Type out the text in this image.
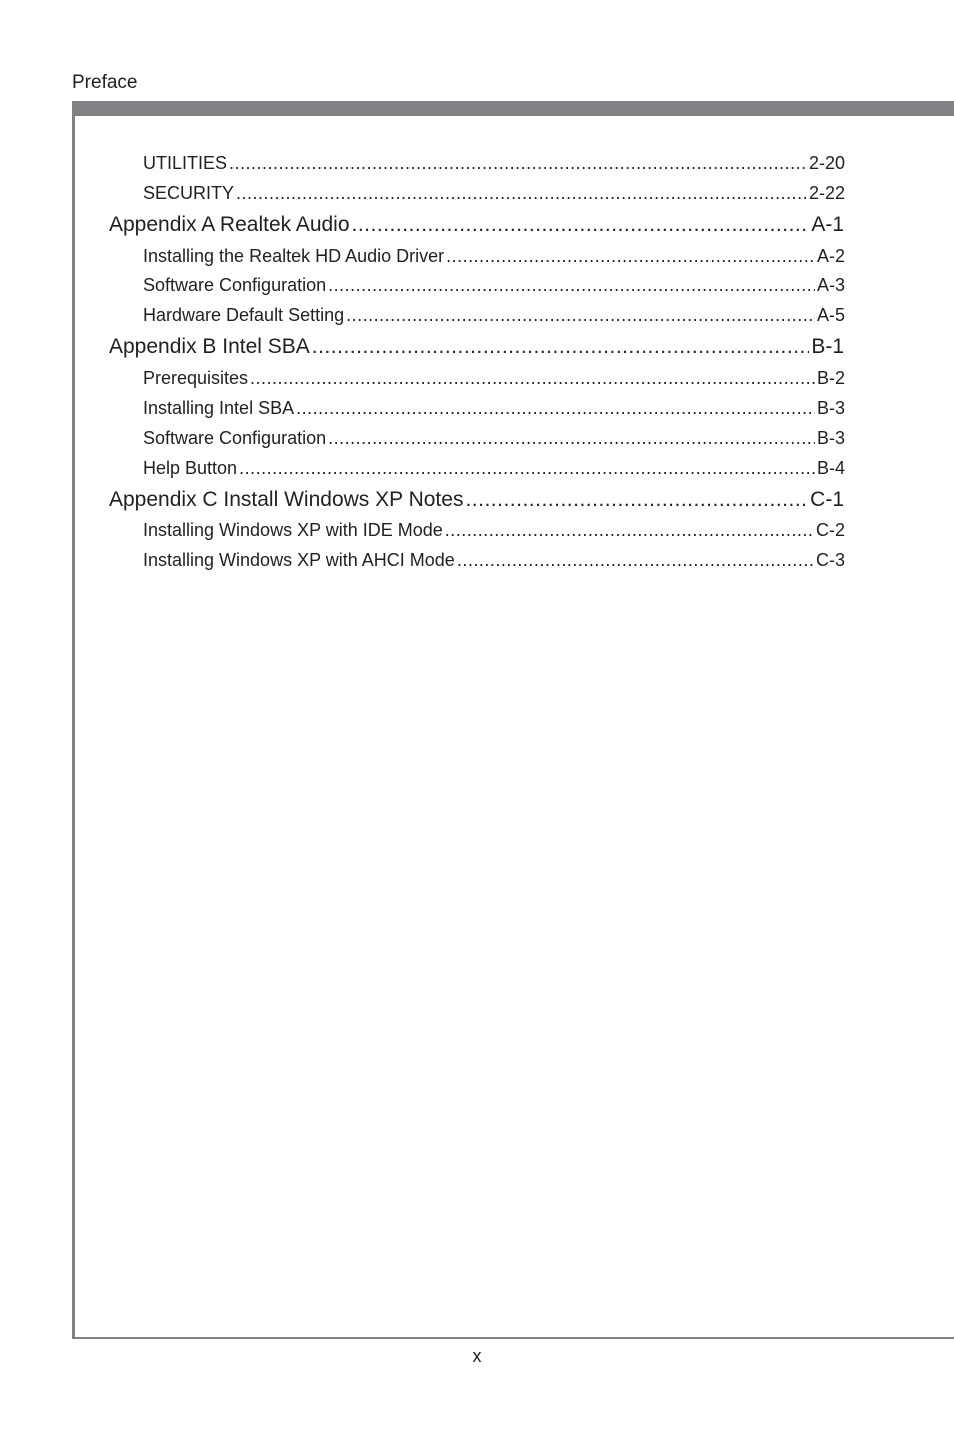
Preface
UTILITIES .....	2-20
SECURITY .....	2-22
Appendix A Realtek Audio .....	A-1
Installing the Realtek HD Audio Driver .....	A-2
Software Configuration .....	A-3
Hardware Default Setting .....	A-5
Appendix B Intel SBA .....	B-1
Prerequisites .....	B-2
Installing Intel SBA .....	B-3
Software Configuration .....	B-3
Help Button .....	B-4
Appendix C Install Windows XP Notes .....	C-1
Installing Windows XP with IDE Mode .....	C-2
Installing Windows XP with AHCI Mode .....	C-3
x
